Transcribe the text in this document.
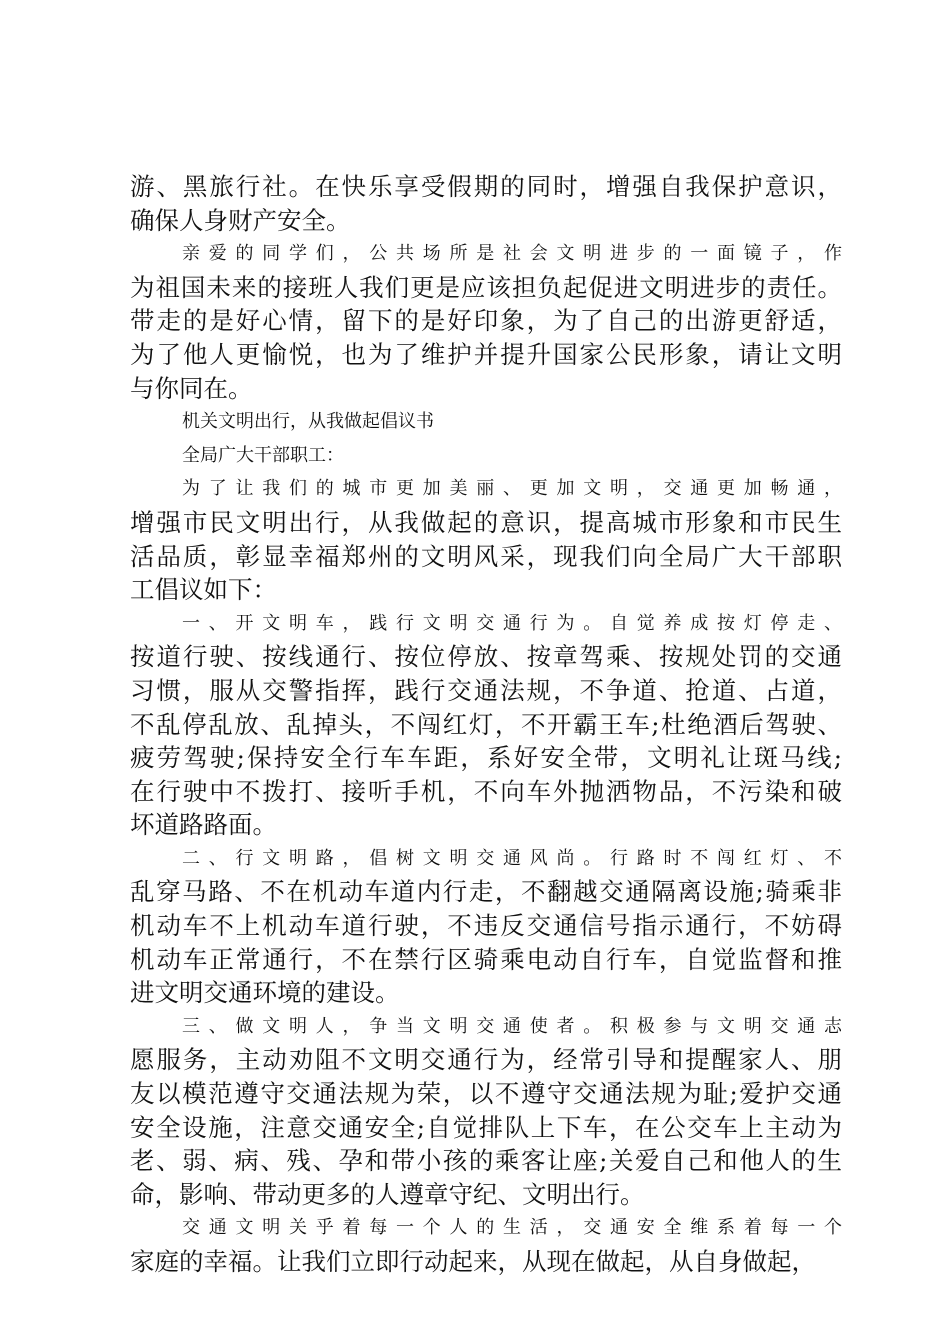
游、黑旅行社。在快乐享受假期的同时，增强自我保护意识，
确保人身财产安全。
亲爱的同学们，公共场所是社会文明进步的一面镜子，作
为祖国未来的接班人我们更是应该担负起促进文明进步的责任。
带走的是好心情，留下的是好印象，为了自己的出游更舒适，
为了他人更愉悦，也为了维护并提升国家公民形象，请让文明
与你同在。
机关文明出行，从我做起倡议书
全局广大干部职工：
为了让我们的城市更加美丽、更加文明，交通更加畅通，
增强市民文明出行，从我做起的意识，提高城市形象和市民生
活品质，彰显幸福郑州的文明风采，现我们向全局广大干部职
工倡议如下：
一、开文明车，践行文明交通行为。自觉养成按灯停走、
按道行驶、按线通行、按位停放、按章驾乘、按规处罚的交通
习惯，服从交警指挥，践行交通法规，不争道、抢道、占道，
不乱停乱放、乱掉头，不闯红灯，不开霸王车;杜绝酒后驾驶、
疲劳驾驶;保持安全行车车距，系好安全带，文明礼让斑马线;
在行驶中不拨打、接听手机，不向车外抛洒物品，不污染和破
坏道路路面。
二、行文明路，倡树文明交通风尚。行路时不闯红灯、不
乱穿马路、不在机动车道内行走，不翻越交通隔离设施;骑乘非
机动车不上机动车道行驶，不违反交通信号指示通行，不妨碍
机动车正常通行，不在禁行区骑乘电动自行车，自觉监督和推
进文明交通环境的建设。
三、做文明人，争当文明交通使者。积极参与文明交通志
愿服务，主动劝阻不文明交通行为，经常引导和提醒家人、朋
友以模范遵守交通法规为荣，以不遵守交通法规为耻;爱护交通
安全设施，注意交通安全;自觉排队上下车，在公交车上主动为
老、弱、病、残、孕和带小孩的乘客让座;关爱自己和他人的生
命，影响、带动更多的人遵章守纪、文明出行。
交通文明关乎着每一个人的生活，交通安全维系着每一个
家庭的幸福。让我们立即行动起来，从现在做起，从自身做起，
